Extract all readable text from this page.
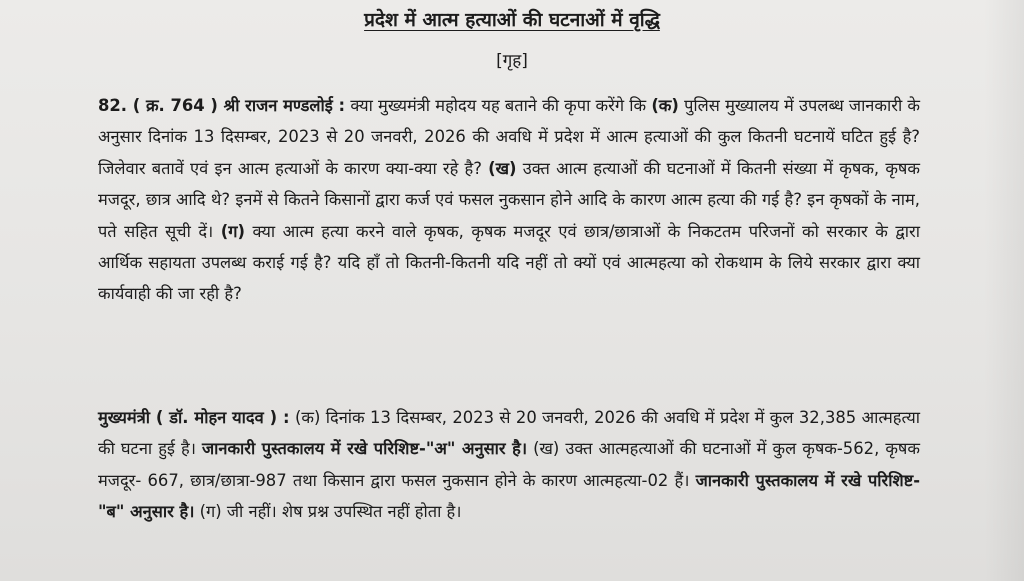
प्रदेश में आत्म हत्याओं की घटनाओं में वृद्धि
[गृह]
82. ( क्र. 764 ) श्री राजन मण्डलोई : क्या मुख्यमंत्री महोदय यह बताने की कृपा करेंगे कि (क) पुलिस मुख्यालय में उपलब्ध जानकारी के अनुसार दिनांक 13 दिसम्बर, 2023 से 20 जनवरी, 2026 की अवधि में प्रदेश में आत्म हत्याओं की कुल कितनी घटनायें घटित हुई है? जिलेवार बतावें एवं इन आत्म हत्याओं के कारण क्या-क्या रहे है? (ख) उक्त आत्म हत्याओं की घटनाओं में कितनी संख्या में कृषक, कृषक मजदूर, छात्र आदि थे? इनमें से कितने किसानों द्वारा कर्ज एवं फसल नुकसान होने आदि के कारण आत्म हत्या की गई है? इन कृषकों के नाम, पते सहित सूची दें। (ग) क्या आत्म हत्या करने वाले कृषक, कृषक मजदूर एवं छात्र/छात्राओं के निकटतम परिजनों को सरकार के द्वारा आर्थिक सहायता उपलब्ध कराई गई है? यदि हाँ तो कितनी-कितनी यदि नहीं तो क्यों एवं आत्महत्या को रोकथाम के लिये सरकार द्वारा क्या कार्यवाही की जा रही है?
मुख्यमंत्री ( डॉ. मोहन यादव ) : (क) दिनांक 13 दिसम्बर, 2023 से 20 जनवरी, 2026 की अवधि में प्रदेश में कुल 32,385 आत्महत्या की घटना हुई है। जानकारी पुस्तकालय में रखे परिशिष्ट-"अ" अनुसार है। (ख) उक्त आत्महत्याओं की घटनाओं में कुल कृषक-562, कृषक मजदूर- 667, छात्र/छात्रा-987 तथा किसान द्वारा फसल नुकसान होने के कारण आत्महत्या-02 हैं। जानकारी पुस्तकालय में रखे परिशिष्ट-"ब" अनुसार है। (ग) जी नहीं। शेष प्रश्न उपस्थित नहीं होता है।
